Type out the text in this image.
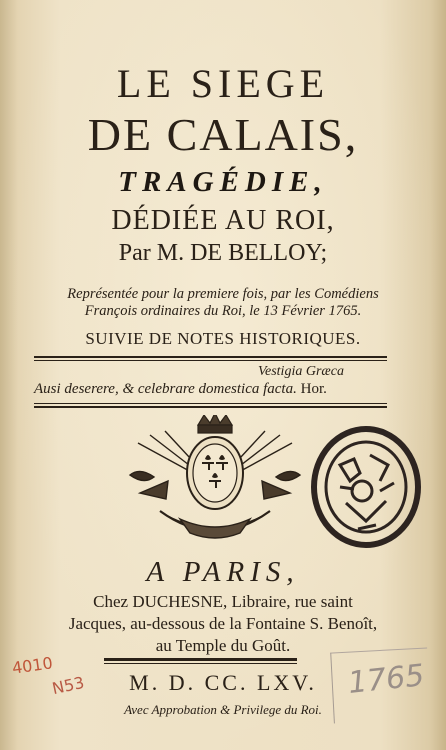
LE SIEGE
DE CALAIS,
TRAGÉDIE,
DÉDIÉE AU ROI,
Par M. DE BELLOY;
Représentée pour la premiere fois, par les Comédiens
François ordinaires du Roi, le 13 Février 1765.
SUIVIE DE NOTES HISTORIQUES.
Vestigia Græca
Ausi deserere, & celebrare domestica facta. Hor.
A PARIS,
Chez DUCHESNE, Libraire, rue saint
Jacques, au-dessous de la Fontaine S. Benoît,
au Temple du Goût.
M. D. CC. LXV.
Avec Approbation & Privilege du Roi.
4010
N53	1765
